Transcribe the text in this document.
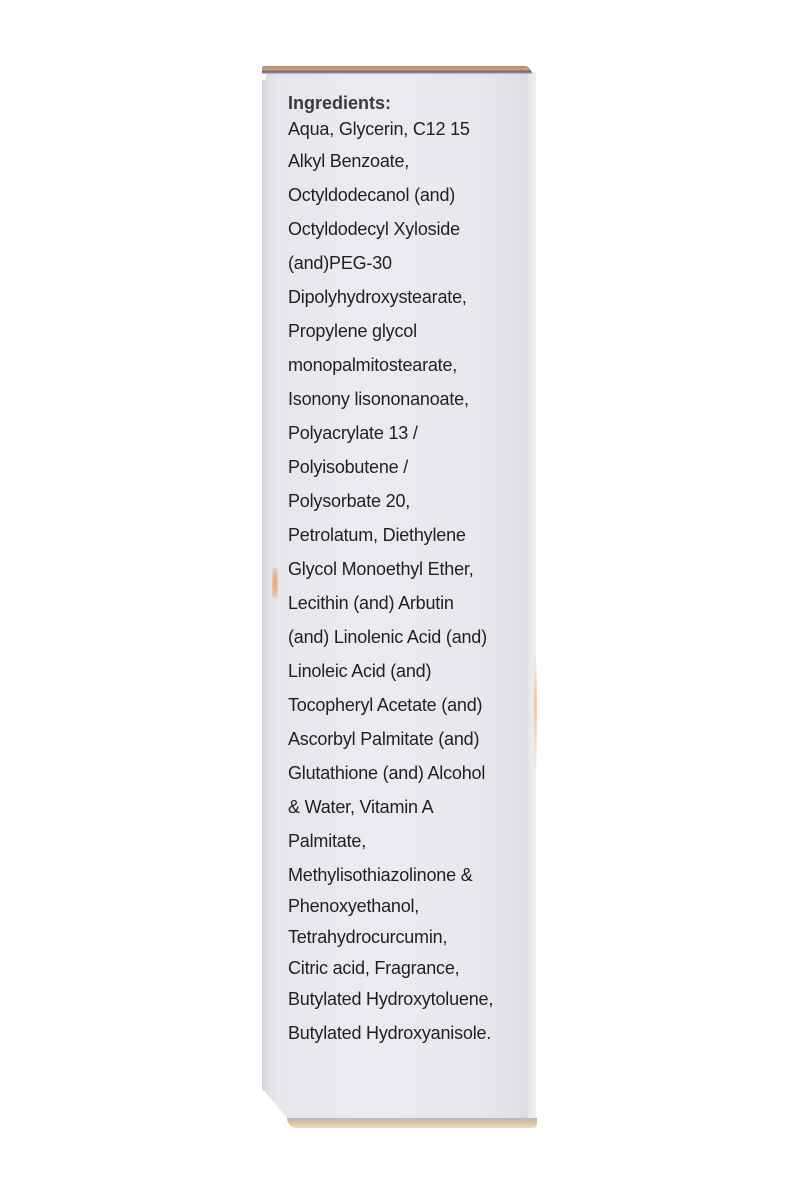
Ingredients:
Aqua, Glycerin, C12 15
Alkyl Benzoate,
Octyldodecanol (and)
Octyldodecyl Xyloside
(and)PEG-30
Dipolyhydroxystearate,
Propylene glycol
monopalmitostearate,
Isonony lisononanoate,
Polyacrylate 13 /
Polyisobutene /
Polysorbate 20,
Petrolatum, Diethylene
Glycol Monoethyl Ether,
Lecithin (and) Arbutin
(and) Linolenic Acid (and)
Linoleic Acid (and)
Tocopheryl Acetate (and)
Ascorbyl Palmitate (and)
Glutathione (and) Alcohol
& Water, Vitamin A
Palmitate,
Methylisothiazolinone &
Phenoxyethanol,
Tetrahydrocurcumin,
Citric acid, Fragrance,
Butylated Hydroxytoluene,
Butylated Hydroxyanisole.
